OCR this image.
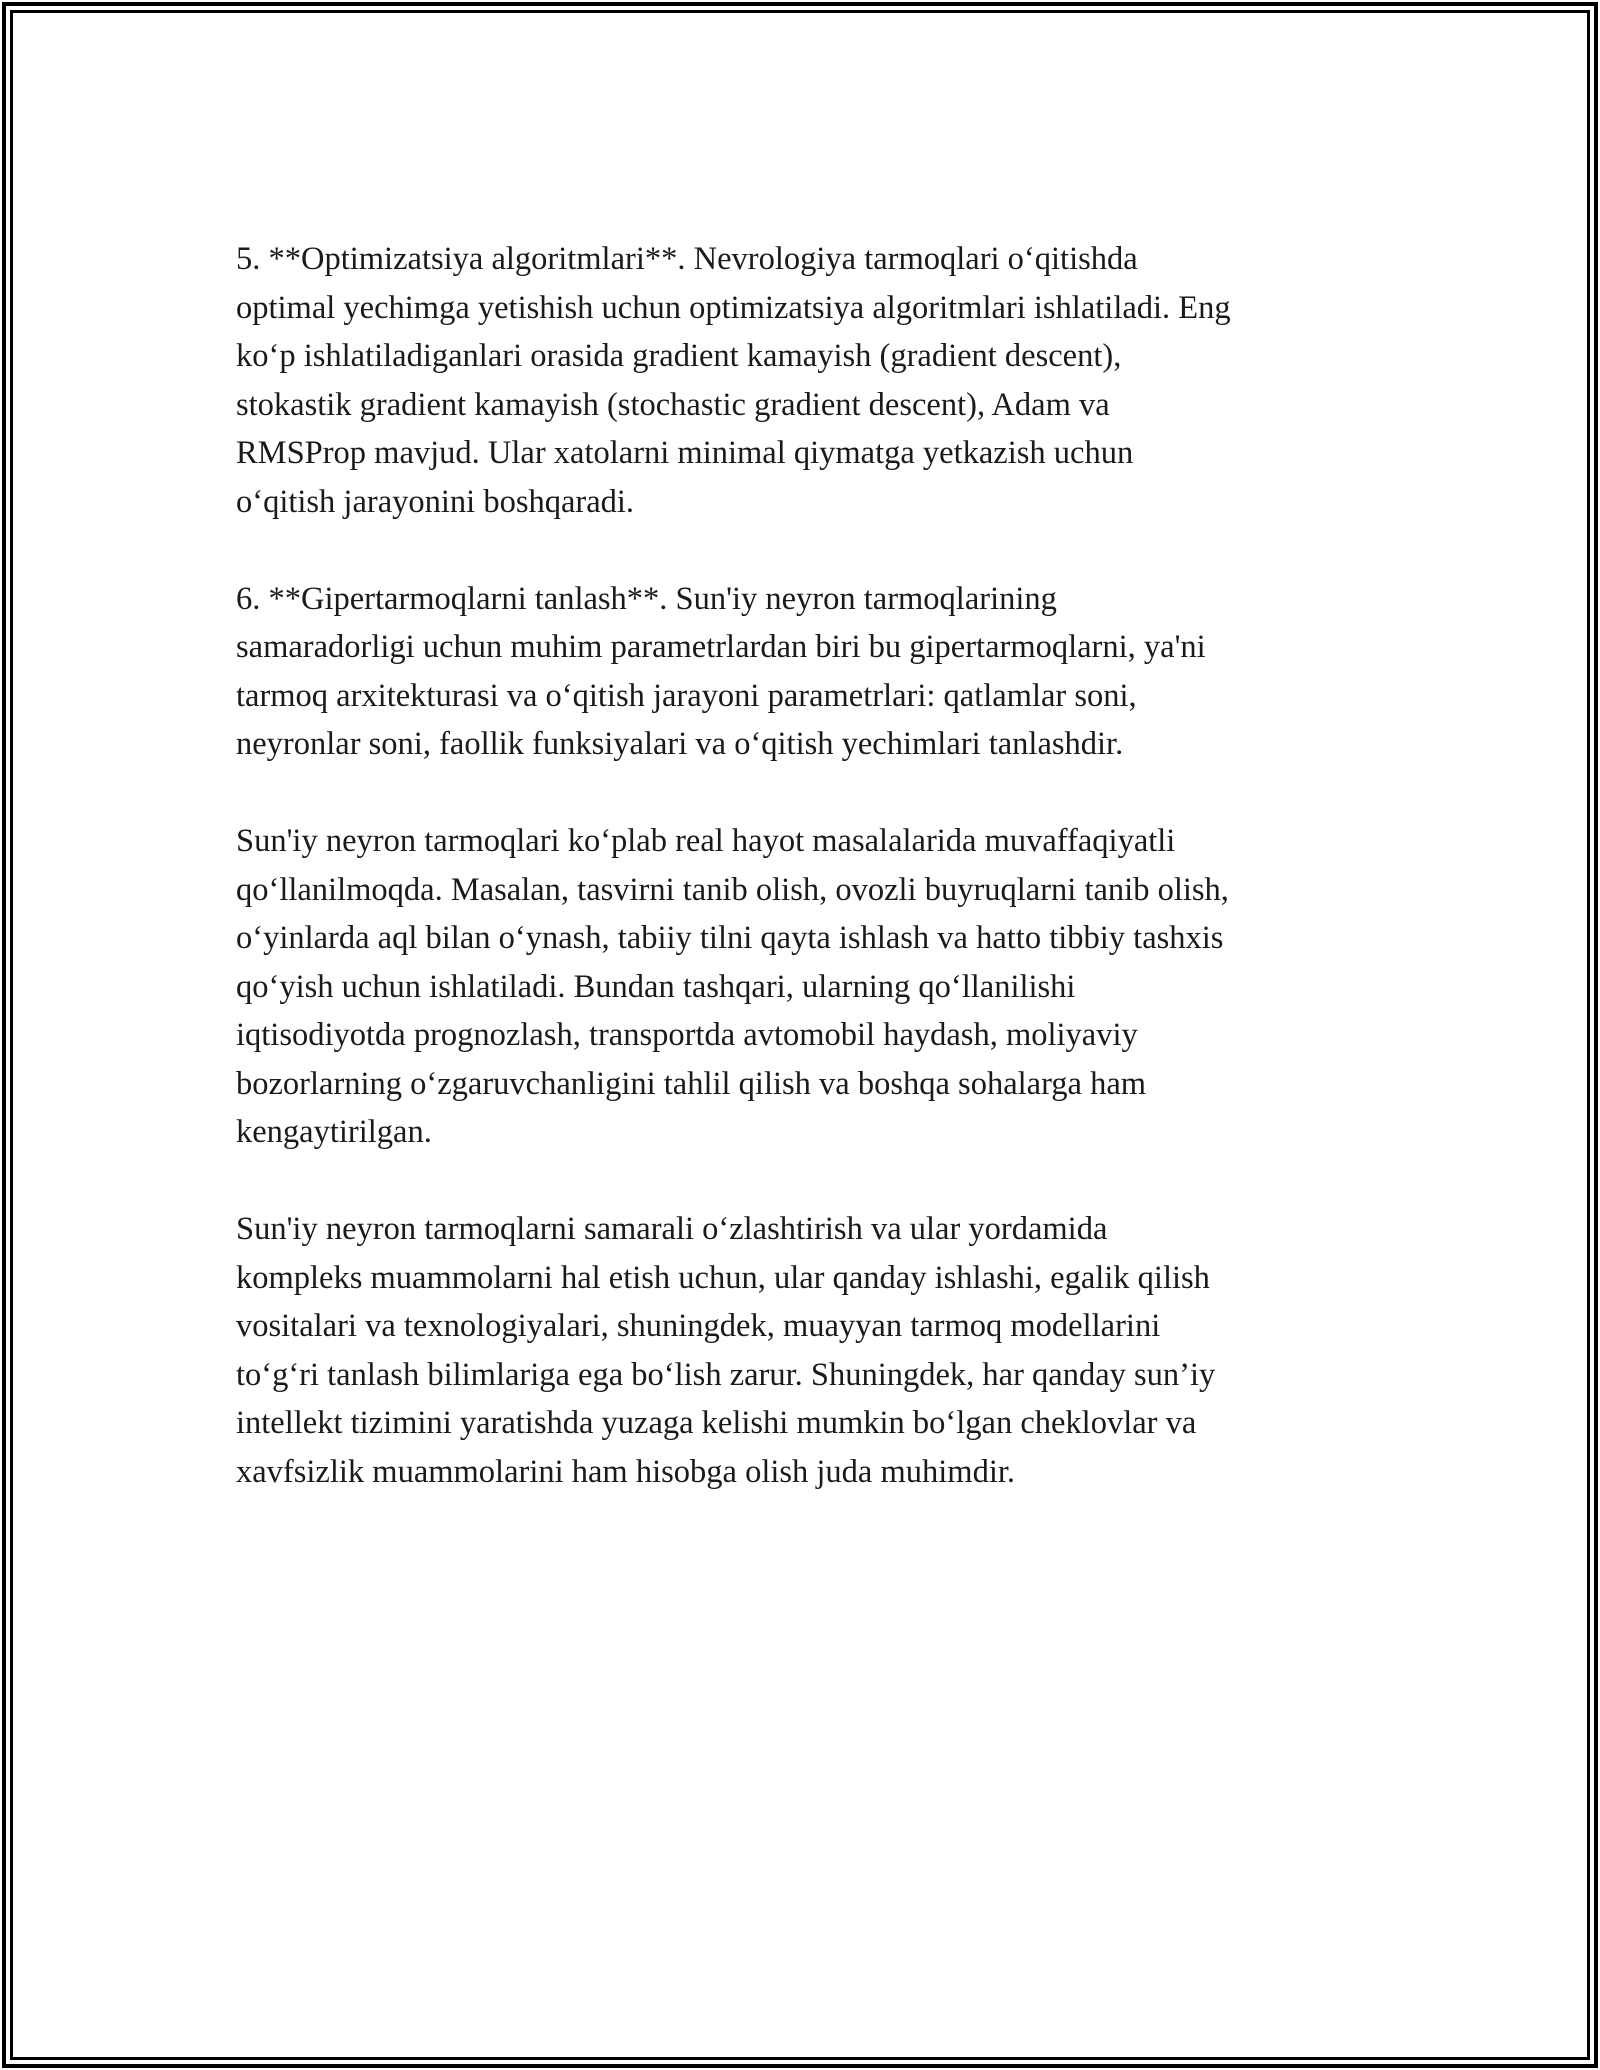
5. **Optimizatsiya algoritmlari**. Nevrologiya tarmoqlari o‘qitishda
optimal yechimga yetishish uchun optimizatsiya algoritmlari ishlatiladi. Eng
ko‘p ishlatiladiganlari orasida gradient kamayish (gradient descent),
stokastik gradient kamayish (stochastic gradient descent), Adam va
RMSProp mavjud. Ular xatolarni minimal qiymatga yetkazish uchun
o‘qitish jarayonini boshqaradi.

6. **Gipertarmoqlarni tanlash**. Sun'iy neyron tarmoqlarining
samaradorligi uchun muhim parametrlardan biri bu gipertarmoqlarni, ya'ni
tarmoq arxitekturasi va o‘qitish jarayoni parametrlari: qatlamlar soni,
neyronlar soni, faollik funksiyalari va o‘qitish yechimlari tanlashdir.

Sun'iy neyron tarmoqlari ko‘plab real hayot masalalarida muvaffaqiyatli
qo‘llanilmoqda. Masalan, tasvirni tanib olish, ovozli buyruqlarni tanib olish,
o‘yinlarda aql bilan o‘ynash, tabiiy tilni qayta ishlash va hatto tibbiy tashxis
qo‘yish uchun ishlatiladi. Bundan tashqari, ularning qo‘llanilishi
iqtisodiyotda prognozlash, transportda avtomobil haydash, moliyaviy
bozorlarning o‘zgaruvchanligini tahlil qilish va boshqa sohalarga ham
kengaytirilgan.

Sun'iy neyron tarmoqlarni samarali o‘zlashtirish va ular yordamida
kompleks muammolarni hal etish uchun, ular qanday ishlashi, egalik qilish
vositalari va texnologiyalari, shuningdek, muayyan tarmoq modellarini
to‘g‘ri tanlash bilimlariga ega bo‘lish zarur. Shuningdek, har qanday sun’iy
intellekt tizimini yaratishda yuzaga kelishi mumkin bo‘lgan cheklovlar va
xavfsizlik muammolarini ham hisobga olish juda muhimdir.
